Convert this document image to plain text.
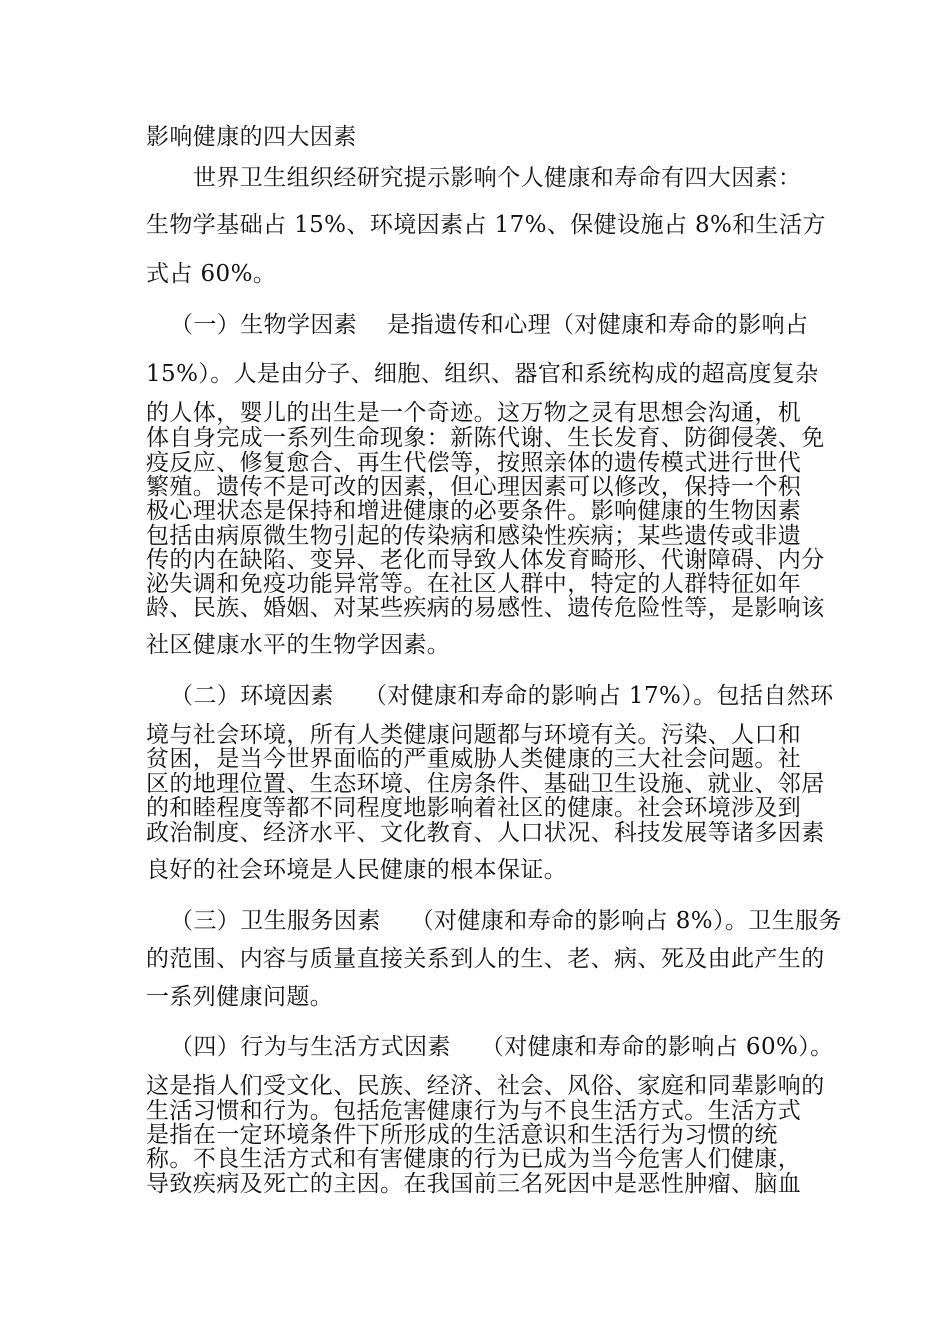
影响健康的四大因素
世界卫生组织经研究提示影响个人健康和寿命有四大因素：
生物学基础占 15%、环境因素占 17%、保健设施占 8%和生活方
式占 60%。
（一）生物学因素 是指遗传和心理（对健康和寿命的影响占
15%）。人是由分子、细胞、组织、器官和系统构成的超高度复杂
的人体，婴儿的出生是一个奇迹。这万物之灵有思想会沟通，机
体自身完成一系列生命现象：新陈代谢、生长发育、防御侵袭、免
疫反应、修复愈合、再生代偿等，按照亲体的遗传模式进行世代
繁殖。遗传不是可改的因素，但心理因素可以修改，保持一个积
极心理状态是保持和增进健康的必要条件。影响健康的生物因素
包括由病原微生物引起的传染病和感染性疾病；某些遗传或非遗
传的内在缺陷、变异、老化而导致人体发育畸形、代谢障碍、内分
泌失调和免疫功能异常等。在社区人群中，特定的人群特征如年
龄、民族、婚姻、对某些疾病的易感性、遗传危险性等，是影响该
社区健康水平的生物学因素。
（二）环境因素 （对健康和寿命的影响占 17%）。包括自然环
境与社会环境，所有人类健康问题都与环境有关。污染、人口和
贫困，是当今世界面临的严重威胁人类健康的三大社会问题。社
区的地理位置、生态环境、住房条件、基础卫生设施、就业、邻居
的和睦程度等都不同程度地影响着社区的健康。社会环境涉及到
政治制度、经济水平、文化教育、人口状况、科技发展等诸多因素
良好的社会环境是人民健康的根本保证。
（三）卫生服务因素 （对健康和寿命的影响占 8%）。卫生服务
的范围、内容与质量直接关系到人的生、老、病、死及由此产生的
一系列健康问题。
（四）行为与生活方式因素 （对健康和寿命的影响占 60%）。
这是指人们受文化、民族、经济、社会、风俗、家庭和同辈影响的
生活习惯和行为。包括危害健康行为与不良生活方式。生活方式
是指在一定环境条件下所形成的生活意识和生活行为习惯的统
称。不良生活方式和有害健康的行为已成为当今危害人们健康，
导致疾病及死亡的主因。在我国前三名死因中是恶性肿瘤、脑血
